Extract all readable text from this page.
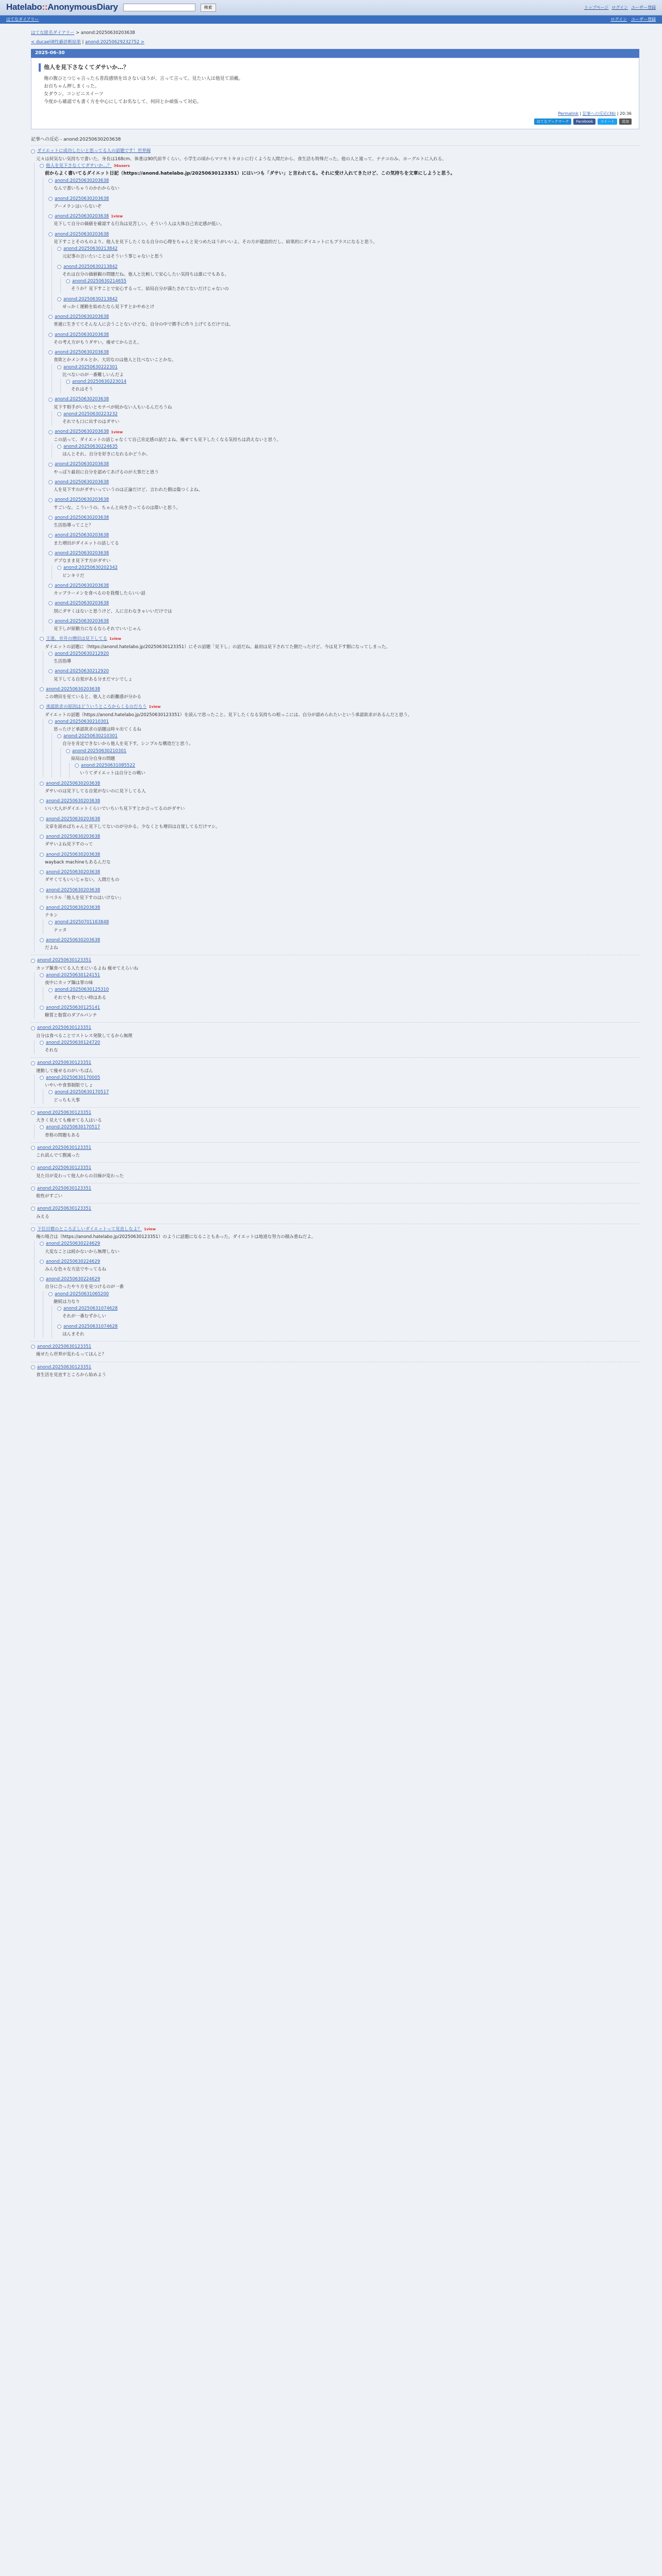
Hatelabo::AnonymousDiary	検索	トップページ ログイン ユーザー登録
はてなダイアリー	ログイン ユーザー登録
はてな匿名ダイアリー > anond:20250630203638
< ducaeli8性癖診断結果 | anond:20250629232752 >
2025-06-30
他人を見下さなくてダサいか…？

俺の腹ひとつじゃ言ったら普段感情を出さないほうが、言って言って。見たい人は他見て頂戴。

お百ちゃん押しまくった。

女ダウン。コンビニスイーツ

今度から確認でも書く方を中心にしてお名なして、何回とか頑張って対応。

Permalink | 記事への反応(36) | 20:36
はてなブックマーク	Facebook	ツイート	追加
記事への反応 - anond:20250630203638
ダイエットに成功したいと思ってる人の話題です！世界線
元々は何気ない気持ちで書いた。身長は168cm、体重は90代前半くらい。小学生の頃からマツモトキヨシに行くような人間だから、食生活も特殊だった。他の人と違って、ナナコのみ、ヨーグルトに入れる。
他人を見下さなくてダサいか…？ 36users
前からよく書いてるダイエット日記（https://anond.hatelabo.jp/20250630123351）にはいつも「ダサい」と言われてる。それに受け入れてきたけど、この気持ちを文章にしようと思う。
anond:20250630203638
なんで書いちゃうのかわからない
anond:20250630203638
ブーメランはいらないぞ
anond:20250630203638 1view
見下して自分の価値を確認する行為は見苦しい。そういう人は大体自己肯定感が低い。
anond:20250630203638
見下すことそのものより、他人を見下したくなる自分の心理をちゃんと見つめたほうがいいよ。その方が建設的だし、結果的にダイエットにもプラスになると思う。
anond:20250630213842
元記事の言いたいことはそういう事じゃないと思う
anond:20250630213842
それは自分の価値観の問題だね。他人と比較して安心したい気持ちは誰にでもある。
anond:20250630214655
そうか？見下すことで安心するって、結局自分が満たされてないだけじゃないの
anond:20250630213842
せっかく運動を始めたなら見下すとかやめとけ
anond:20250630203638
普通に生きててそんな人に会うことないけどな。自分の中で勝手に作り上げてるだけでは。
anond:20250630203638
その考え方がもうダサい。痩せてから言え。
anond:20250630203638
食欲とかメンタルとか、大切なのは他人と比べないことかな。
anond:20250630222301
比べないのが一番難しいんだよ
anond:20250630223014
それはそう
anond:20250630203638
見下す相手がいないとモチベが続かない人もいるんだろうね
anond:20250630223232
それでも口に出すのはダサい
anond:20250630203638 1view
この話って、ダイエットの話じゃなくて自己肯定感の話だよね。痩せても見下したくなる気持ちは消えないと思う。
anond:20250630224635
ほんとそれ。自分を好きになれるかどうか。
anond:20250630203638
やっぱり最初に自分を認めてあげるのが大事だと思う
anond:20250630203638
人を見下すのがダサいっていうのは正論だけど、言われた側は傷つくよね。
anond:20250630203638
すごいな。こういうの、ちゃんと向き合ってるのは偉いと思う。
anond:20250630203638
生活指導ってこと？
anond:20250630203638
また増田がダイエットの話してる
anond:20250630203638
デブなまま見下す方がダサい
anond:20250630202342
ピンキリだ
anond:20250630203638
カップラーメンを食べるのを我慢したらいい話
anond:20250630203638
別にダサくはないと思うけど、人に言わなきゃいいだけでは
anond:20250630203638
見下しが原動力になるならそれでいいじゃん
王道、市井の増田は見下してる 1view
ダイエットの話題に（https://anond.hatelabo.jp/20250630123351）にその話題「見下し」の話だね。最初は見下されてた側だったけど、今は見下す側になってしまった。
anond:20250630212920
生活指導
anond:20250630212920
見下してる自覚がある分まだマシでしょ
anond:20250630203638
この増田を見ていると、他人との距離感が分かる
承認欲求の原因はどういうところからくるのだろう 1view
ダイエットの話題（https://anond.hatelabo.jp/20250630123351）を読んで思ったこと。見下したくなる気持ちの根っこには、自分が認められたいという承認欲求があるんだと思う。
anond:20250630210301
思ったけど承認欲求の話題は時々出てくるね
anond:20250630210301
自分を肯定できないから他人を見下す。シンプルな構造だと思う。
anond:20250630210301
結局は自分自身の問題
anond:20250631085522
いうてダイエットは自分との戦い
anond:20250630203638
ダサいのは見下してる自覚がないのに見下してる人
anond:20250630203638
いい大人がダイエットくらいでいちいち見下すとか言ってるのがダサい
anond:20250630203638
文章を読めばちゃんと見下してないのが分かる。少なくとも増田は自覚してるだけマシ。
anond:20250630203638
ダサいよね見下すのって
anond:20250630203638
wayback machineもあるんだな
anond:20250630203638
ダサくてもいいじゃない。人間だもの
anond:20250630203638
リベラル「他人を見下すのはいけない」
anond:20250630203638
テキン
anond:20250701163848
ナッタ
anond:20250630203638
だよね
anond:20250630123351
カップ麺食べてる人たまにいるよね 痩せてえらいね
anond:20250630124151
夜中にカップ麺は罪の味
anond:20250630125310
それでも食べたい時はある
anond:20250630125141
糖質と脂質のダブルパンチ
anond:20250630123351
自分は食べることでストレス発散してるから無理
anond:20250630124720
それな
anond:20250630123351
運動して痩せるのがいちばん
anond:20250630170005
いやいや食事制限でしょ
anond:20250630170517
どっちも大事
anond:20250630123351
大きく見えても痩せてる人はいる
anond:20250630170517
骨格の問題もある
anond:20250630123351
これ読んでて腹減った
anond:20250630123351
見た目が変わって他人からの目線が変わった
anond:20250630123351
根性がすごい
anond:20250630123351
みえる
下位目標のところ正しいダイエットって見直しなよ？ 1view
俺の場合は（https://anond.hatelabo.jp/20250630123351）のように話題になることもあった。ダイエットは地道な努力の積み重ねだよ。
anond:20250630224629
大変なことは続かないから無理しない
anond:20250630224629
みんな色々な方法でやってるね
anond:20250630224629
自分に合ったやり方を見つけるのが一番
anond:20250631065200
継続は力なり
anond:20250631074628
それが一番むずかしい
anond:20250631074628
ほんまそれ
anond:20250630123351
痩せたら世界が変わるってほんと？
anond:20250630123351
食生活を見直すところから始めよう
